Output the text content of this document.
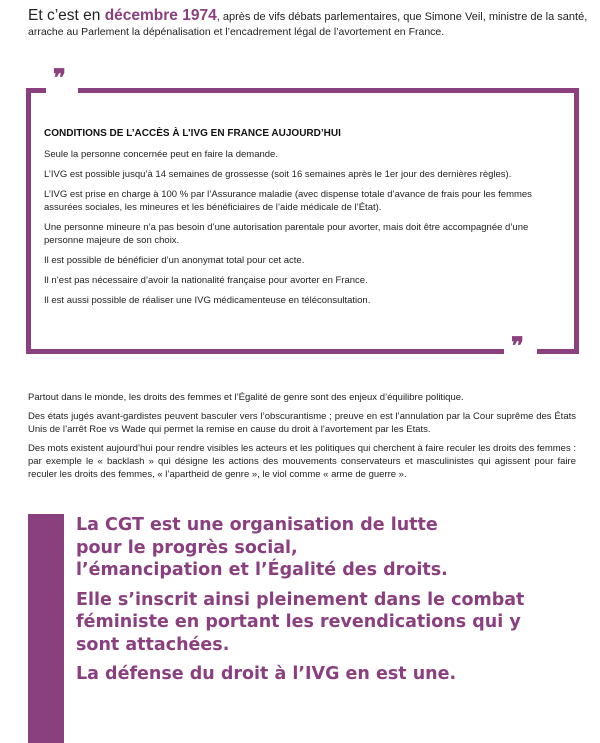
Et c’est en décembre 1974, après de vifs débats parlementaires, que Simone Veil, ministre de la santé,
arrache au Parlement la dépénalisation et l’encadrement légal de l’avortement en France.
❞
❞
CONDITIONS DE L’ACCÈS À L’IVG EN FRANCE AUJOURD’HUI
Seule la personne concernée peut en faire la demande.
L’IVG est possible jusqu’à 14 semaines de grossesse (soit 16 semaines après le 1er jour des dernières règles).
L’IVG est prise en charge à 100 % par l’Assurance maladie (avec dispense totale d’avance de frais pour les femmes assurées sociales, les mineures et les bénéficiaires de l’aide médicale de l’État).
Une personne mineure n’a pas besoin d’une autorisation parentale pour avorter, mais doit être accompagnée d’une personne majeure de son choix.
Il est possible de bénéficier d’un anonymat total pour cet acte.
Il n’est pas nécessaire d’avoir la nationalité française pour avorter en France.
Il est aussi possible de réaliser une IVG médicamenteuse en téléconsultation.

Partout dans le monde, les droits des femmes et l’Égalité de genre sont des enjeux d’équilibre politique.

Des états jugés avant-gardistes peuvent basculer vers l’obscurantisme ; preuve en est l’annulation par la Cour suprême des États Unis de l’arrêt Roe vs Wade qui permet la remise en cause du droit à l’avortement par les Etats.

Des mots existent aujourd’hui pour rendre visibles les acteurs et les politiques qui cherchent à faire reculer les droits des femmes : par exemple le « backlash » qui désigne les actions des mouvements conservateurs et masculinistes qui agissent pour faire reculer les droits des femmes, « l’apartheid de genre », le viol comme « arme de guerre ».

La CGT est une organisation de lutte
pour le progrès social,
l’émancipation et l’Égalité des droits.
Elle s’inscrit ainsi pleinement dans le combat
féministe en portant les revendications qui y
sont attachées.
La défense du droit à l’IVG en est une.
